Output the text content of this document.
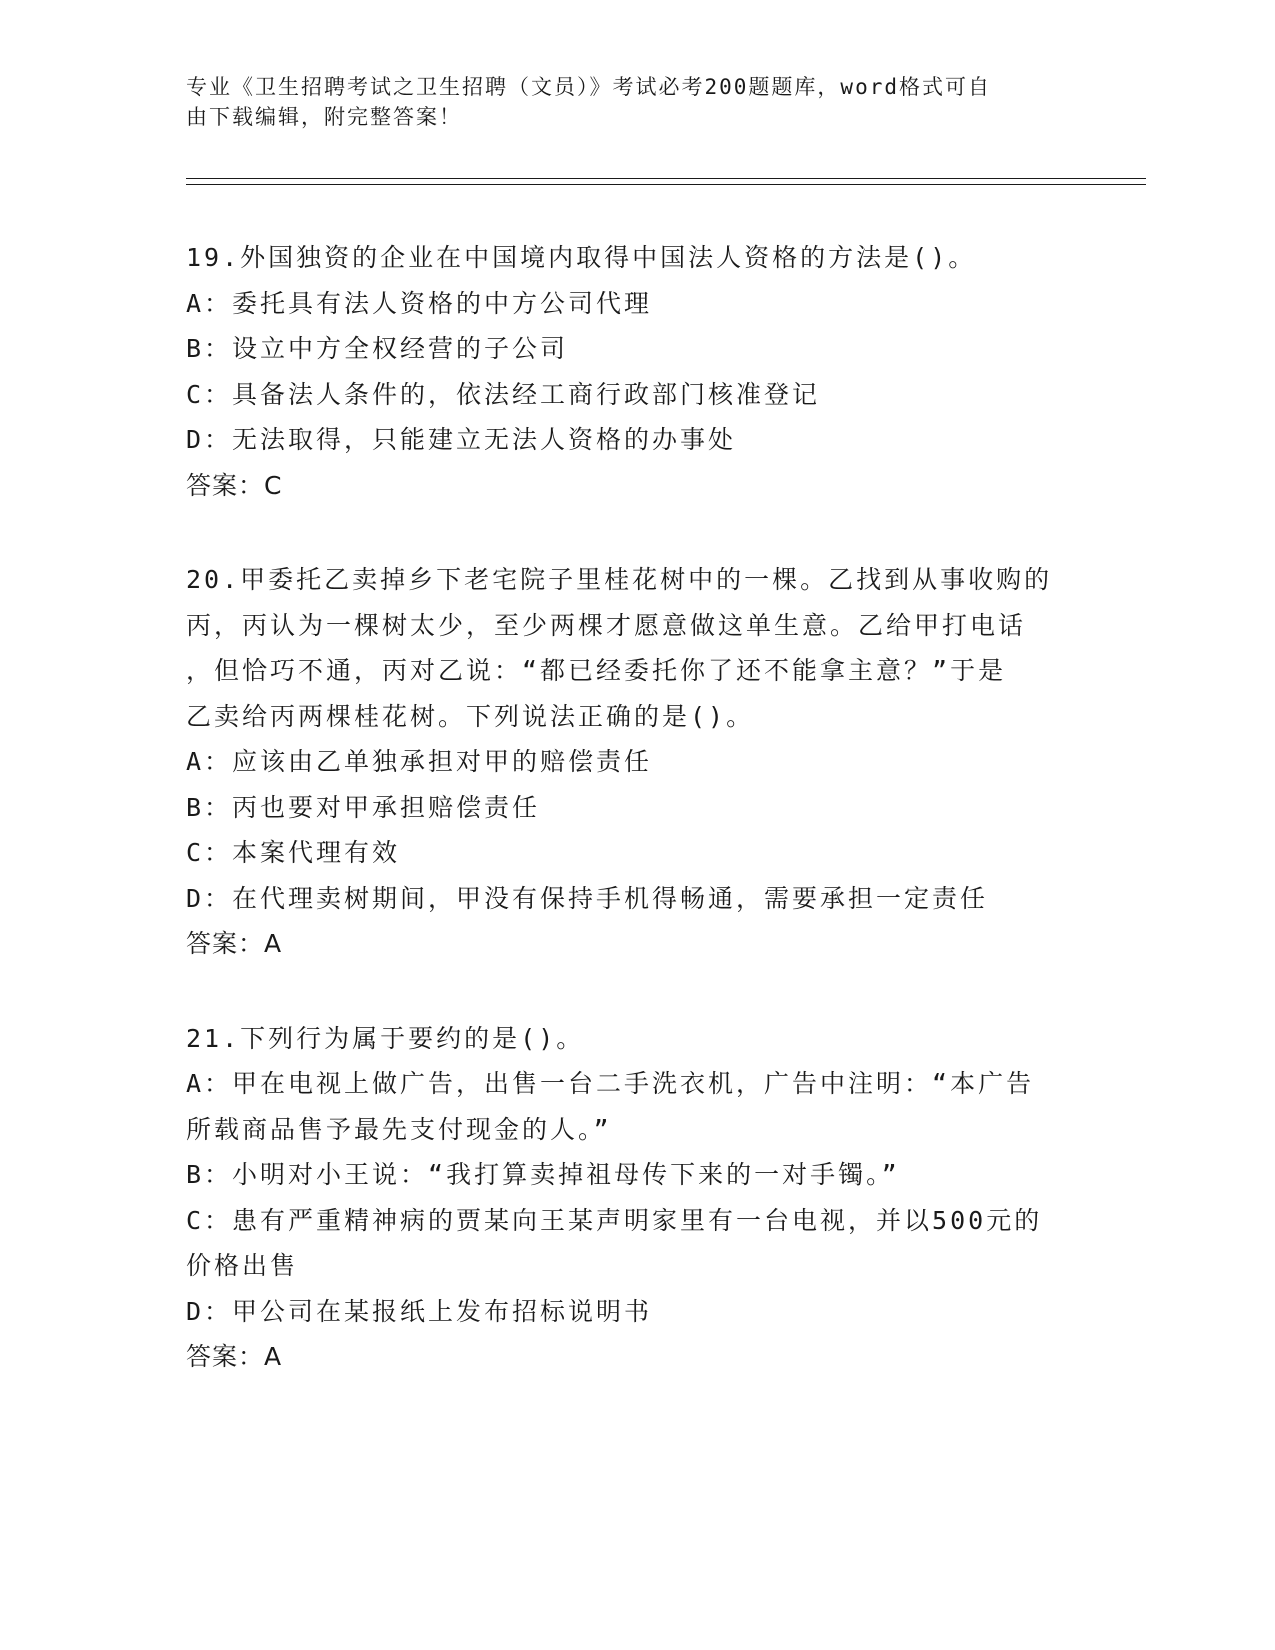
专业《卫生招聘考试之卫生招聘（文员）》考试必考200题题库，word格式可自
由下载编辑，附完整答案！
19.外国独资的企业在中国境内取得中国法人资格的方法是()。
A：委托具有法人资格的中方公司代理
B：设立中方全权经营的子公司
C：具备法人条件的，依法经工商行政部门核准登记
D：无法取得，只能建立无法人资格的办事处
答案：C
20.甲委托乙卖掉乡下老宅院子里桂花树中的一棵。乙找到从事收购的
丙，丙认为一棵树太少，至少两棵才愿意做这单生意。乙给甲打电话
，但恰巧不通，丙对乙说：“都已经委托你了还不能拿主意？”于是
乙卖给丙两棵桂花树。下列说法正确的是()。
A：应该由乙单独承担对甲的赔偿责任
B：丙也要对甲承担赔偿责任
C：本案代理有效
D：在代理卖树期间，甲没有保持手机得畅通，需要承担一定责任
答案：A
21.下列行为属于要约的是()。
A：甲在电视上做广告，出售一台二手洗衣机，广告中注明：“本广告
所载商品售予最先支付现金的人。”
B：小明对小王说：“我打算卖掉祖母传下来的一对手镯。”
C：患有严重精神病的贾某向王某声明家里有一台电视，并以500元的
价格出售
D：甲公司在某报纸上发布招标说明书
答案：A
